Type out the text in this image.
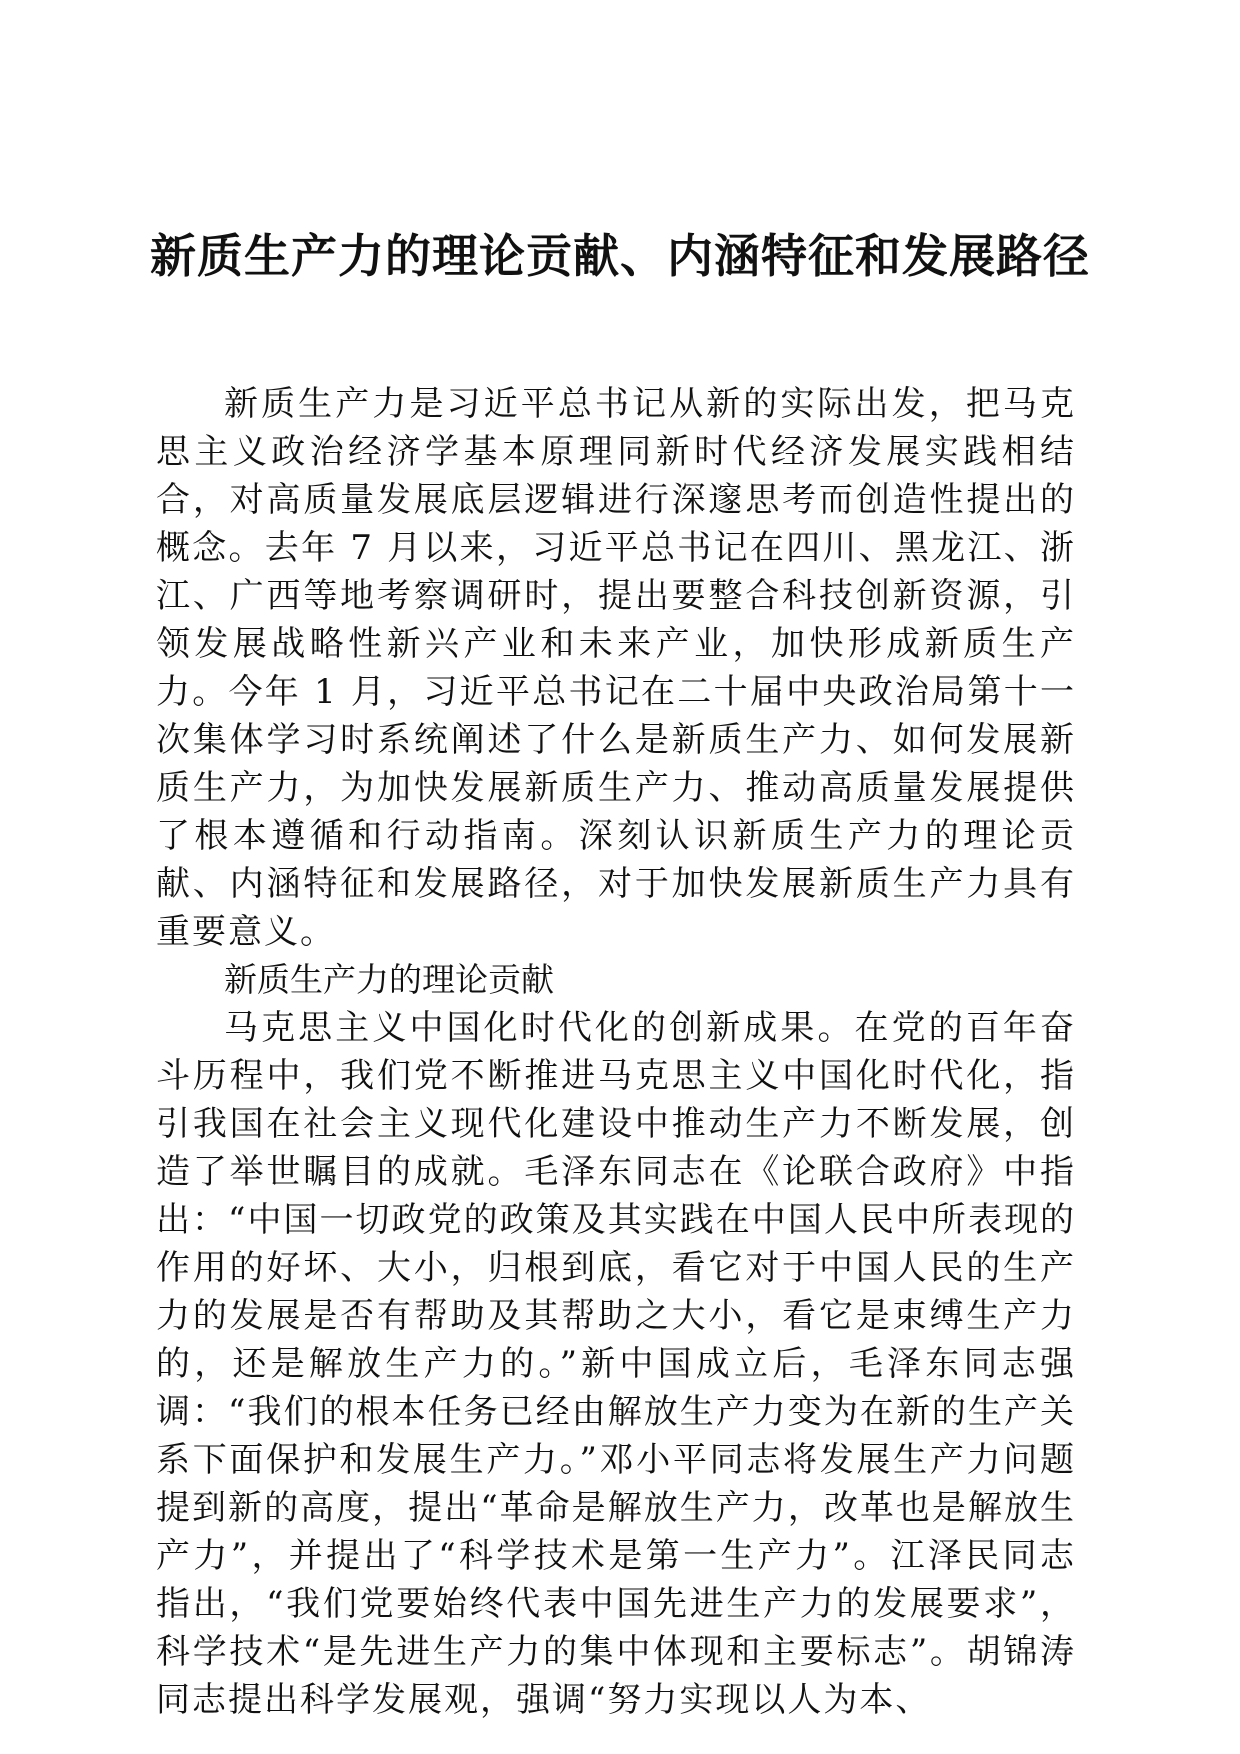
新质生产力的理论贡献、内涵特征和发展路径

新质生产力是习近平总书记从新的实际出发，把马克思主义政治经济学基本原理同新时代经济发展实践相结合，对高质量发展底层逻辑进行深邃思考而创造性提出的概念。去年 7 月以来，习近平总书记在四川、黑龙江、浙江、广西等地考察调研时，提出要整合科技创新资源，引领发展战略性新兴产业和未来产业，加快形成新质生产力。今年 1 月，习近平总书记在二十届中央政治局第十一次集体学习时系统阐述了什么是新质生产力、如何发展新质生产力，为加快发展新质生产力、推动高质量发展提供了根本遵循和行动指南。深刻认识新质生产力的理论贡献、内涵特征和发展路径，对于加快发展新质生产力具有重要意义。

新质生产力的理论贡献

马克思主义中国化时代化的创新成果。在党的百年奋斗历程中，我们党不断推进马克思主义中国化时代化，指引我国在社会主义现代化建设中推动生产力不断发展，创造了举世瞩目的成就。毛泽东同志在《论联合政府》中指出：“中国一切政党的政策及其实践在中国人民中所表现的作用的好坏、大小，归根到底，看它对于中国人民的生产力的发展是否有帮助及其帮助之大小，看它是束缚生产力的，还是解放生产力的。”新中国成立后，毛泽东同志强调：“我们的根本任务已经由解放生产力变为在新的生产关系下面保护和发展生产力。”邓小平同志将发展生产力问题提到新的高度，提出“革命是解放生产力，改革也是解放生产力”，并提出了“科学技术是第一生产力”。江泽民同志指出，“我们党要始终代表中国先进生产力的发展要求”，科学技术“是先进生产力的集中体现和主要标志”。胡锦涛同志提出科学发展观，强调“努力实现以人为本、
